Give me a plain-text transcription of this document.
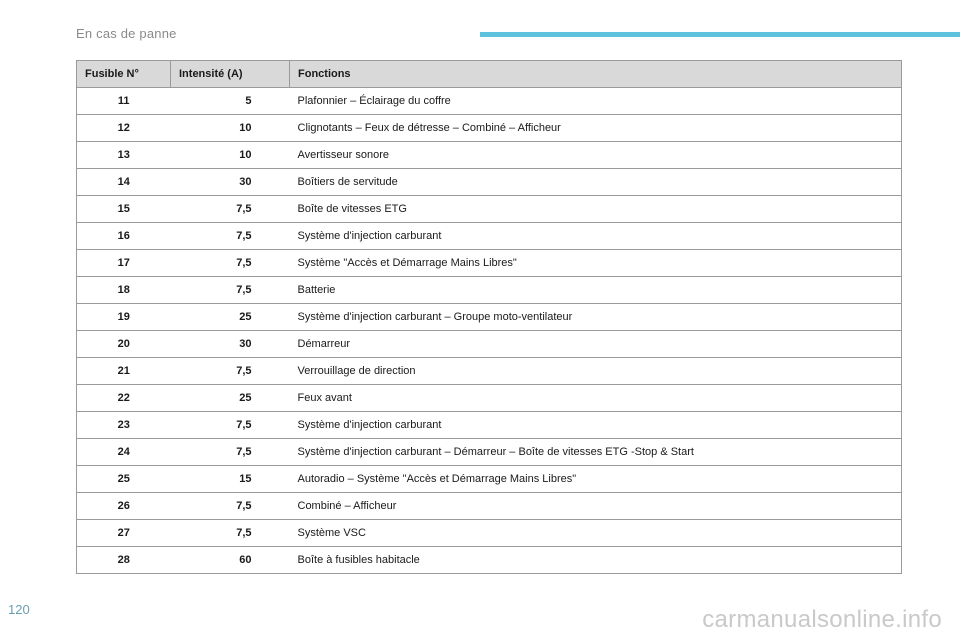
En cas de panne
Fusible N°	Intensité (A)	Fonctions
11	5	Plafonnier – Éclairage du coffre
12	10	Clignotants – Feux de détresse – Combiné – Afficheur
13	10	Avertisseur sonore
14	30	Boîtiers de servitude
15	7,5	Boîte de vitesses ETG
16	7,5	Système d'injection carburant
17	7,5	Système "Accès et Démarrage Mains Libres"
18	7,5	Batterie
19	25	Système d'injection carburant – Groupe moto-ventilateur
20	30	Démarreur
21	7,5	Verrouillage de direction
22	25	Feux avant
23	7,5	Système d'injection carburant
24	7,5	Système d'injection carburant – Démarreur – Boîte de vitesses ETG -Stop & Start
25	15	Autoradio – Système "Accès et Démarrage Mains Libres"
26	7,5	Combiné – Afficheur
27	7,5	Système VSC
28	60	Boîte à fusibles habitacle
120	carmanualsonline.info
